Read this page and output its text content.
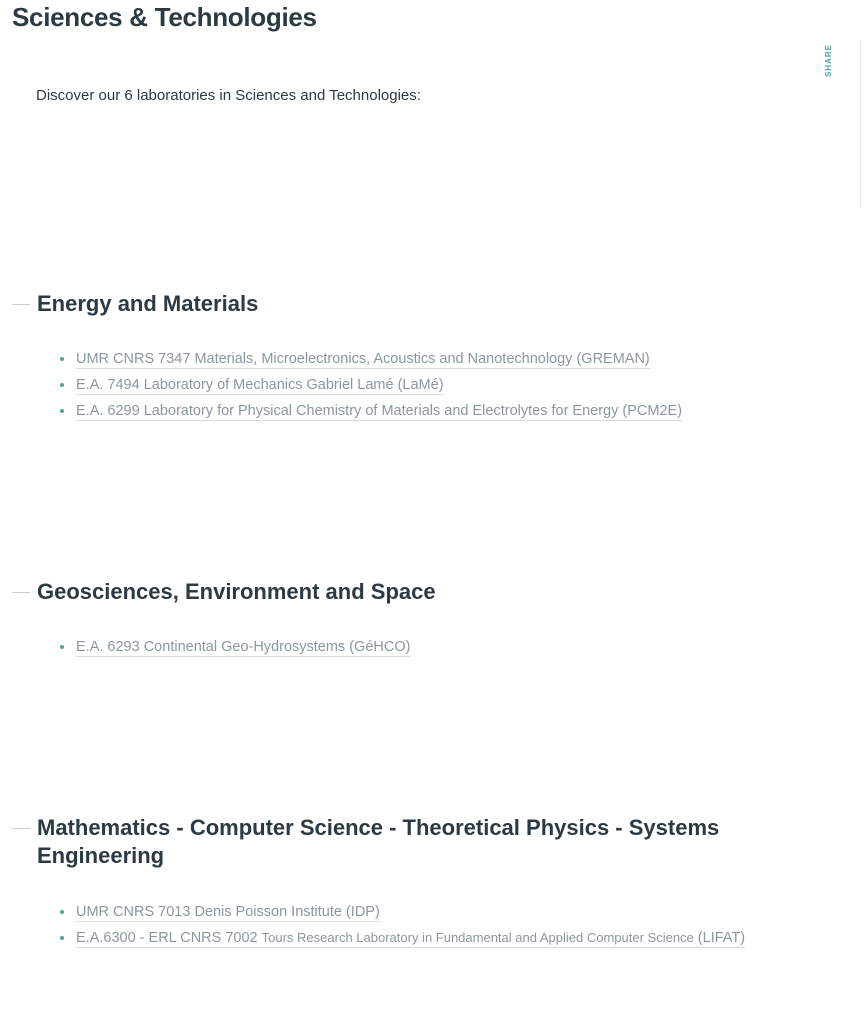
Sciences & Technologies
SHARE

Discover our 6 laboratories in Sciences and Technologies:

Energy and Materials
UMR CNRS 7347 Materials, Microelectronics, Acoustics and Nanotechnology (GREMAN)
E.A. 7494 Laboratory of Mechanics Gabriel Lamé (LaMé)
E.A. 6299 Laboratory for Physical Chemistry of Materials and Electrolytes for Energy (PCM2E)
Geosciences, Environment and Space
E.A. 6293 Continental Geo-Hydrosystems (GéHCO)
Mathematics - Computer Science - Theoretical Physics - Systems Engineering
UMR CNRS 7013 Denis Poisson Institute (IDP)
E.A.6300 - ERL CNRS 7002 Tours Research Laboratory in Fundamental and Applied Computer Science (LIFAT)
